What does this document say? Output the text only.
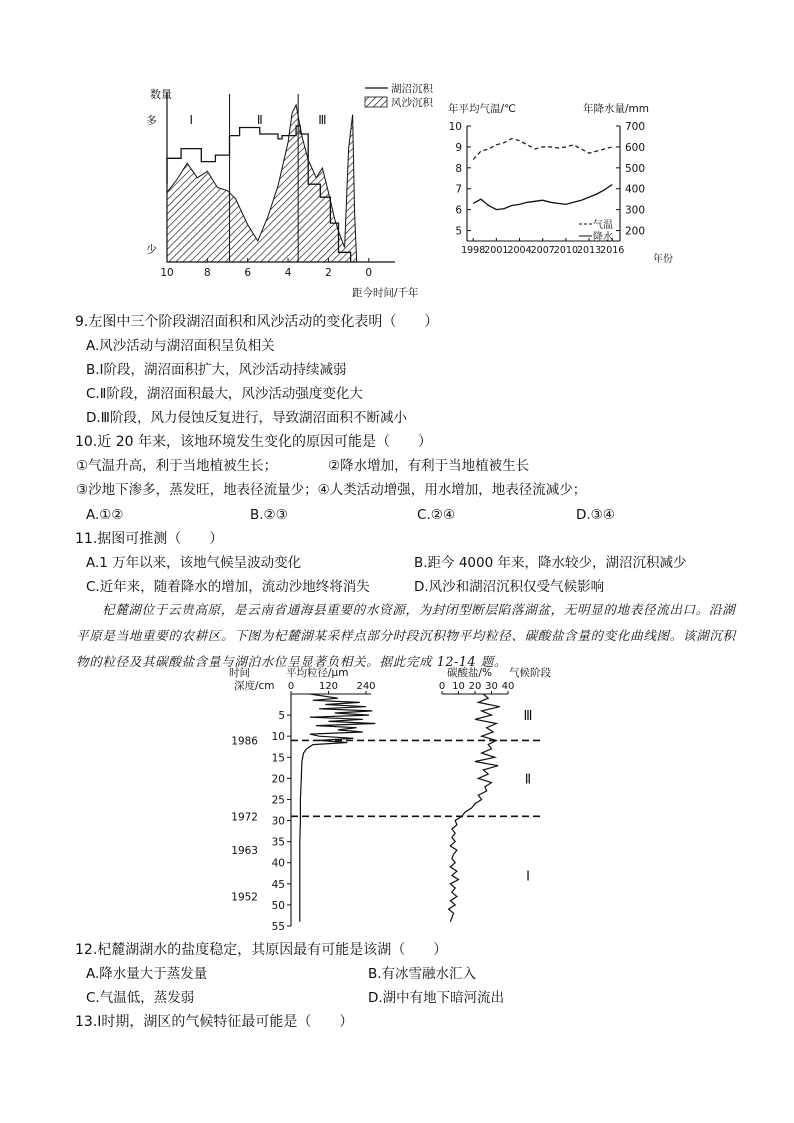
数量
多
少
湖沼沉积
风沙沉积
Ⅰ	Ⅱ	Ⅲ
10	8	6	4	2	0
距今时间/千年
年平均气温/℃	年降水量/mm
10
9
8
7
6
5
700
600
500
400
300
200
1998
2001
2004
2007
2010
2013
2016
气温
降水
年份
9.左图中三个阶段湖沼面积和风沙活动的变化表明（　　）
A.风沙活动与湖沼面积呈负相关
B.Ⅰ阶段，湖沼面积扩大，风沙活动持续减弱
C.Ⅱ阶段，湖沼面积最大，风沙活动强度变化大
D.Ⅲ阶段，风力侵蚀反复进行，导致湖沼面积不断减小
10.近 20 年来，该地环境发生变化的原因可能是（　　）
①气温升高，利于当地植被生长；	②降水增加，有利于当地植被生长
③沙地下渗多，蒸发旺，地表径流量少；④人类活动增强，用水增加，地表径流减少；
A.①②	B.②③	C.②④	D.③④
11.据图可推测（　　）
A.1 万年以来，该地气候呈波动变化	B.距今 4000 年来，降水较少，湖沼沉积减少
C.近年来，随着降水的增加，流动沙地终将消失	D.风沙和湖沼沉积仅受气候影响

杞麓湖位于云贵高原，是云南省通海县重要的水资源，为封闭型断层陷落湖盆，无明显的地表径流出口。沿湖平原是当地重要的农耕区。下图为杞麓湖某采样点部分时段沉积物平均粒径、碳酸盐含量的变化曲线图。该湖沉积物的粒径及其碳酸盐含量与湖泊水位呈显著负相关。据此完成 12-14 题。

时间
深度/cm
平均粒径/μm	碳酸盐/% 气候阶段
0 120 240	0 10 20 30 40
5
10
15
20
25
30
35
40
45
50
55
1986
1972
1963
1952
Ⅲ
Ⅱ
Ⅰ
12.杞麓湖湖水的盐度稳定，其原因最有可能是该湖（　　）
A.降水量大于蒸发量	B.有冰雪融水汇入
C.气温低，蒸发弱	D.湖中有地下暗河流出
13.Ⅰ时期，湖区的气候特征最可能是（　　）
